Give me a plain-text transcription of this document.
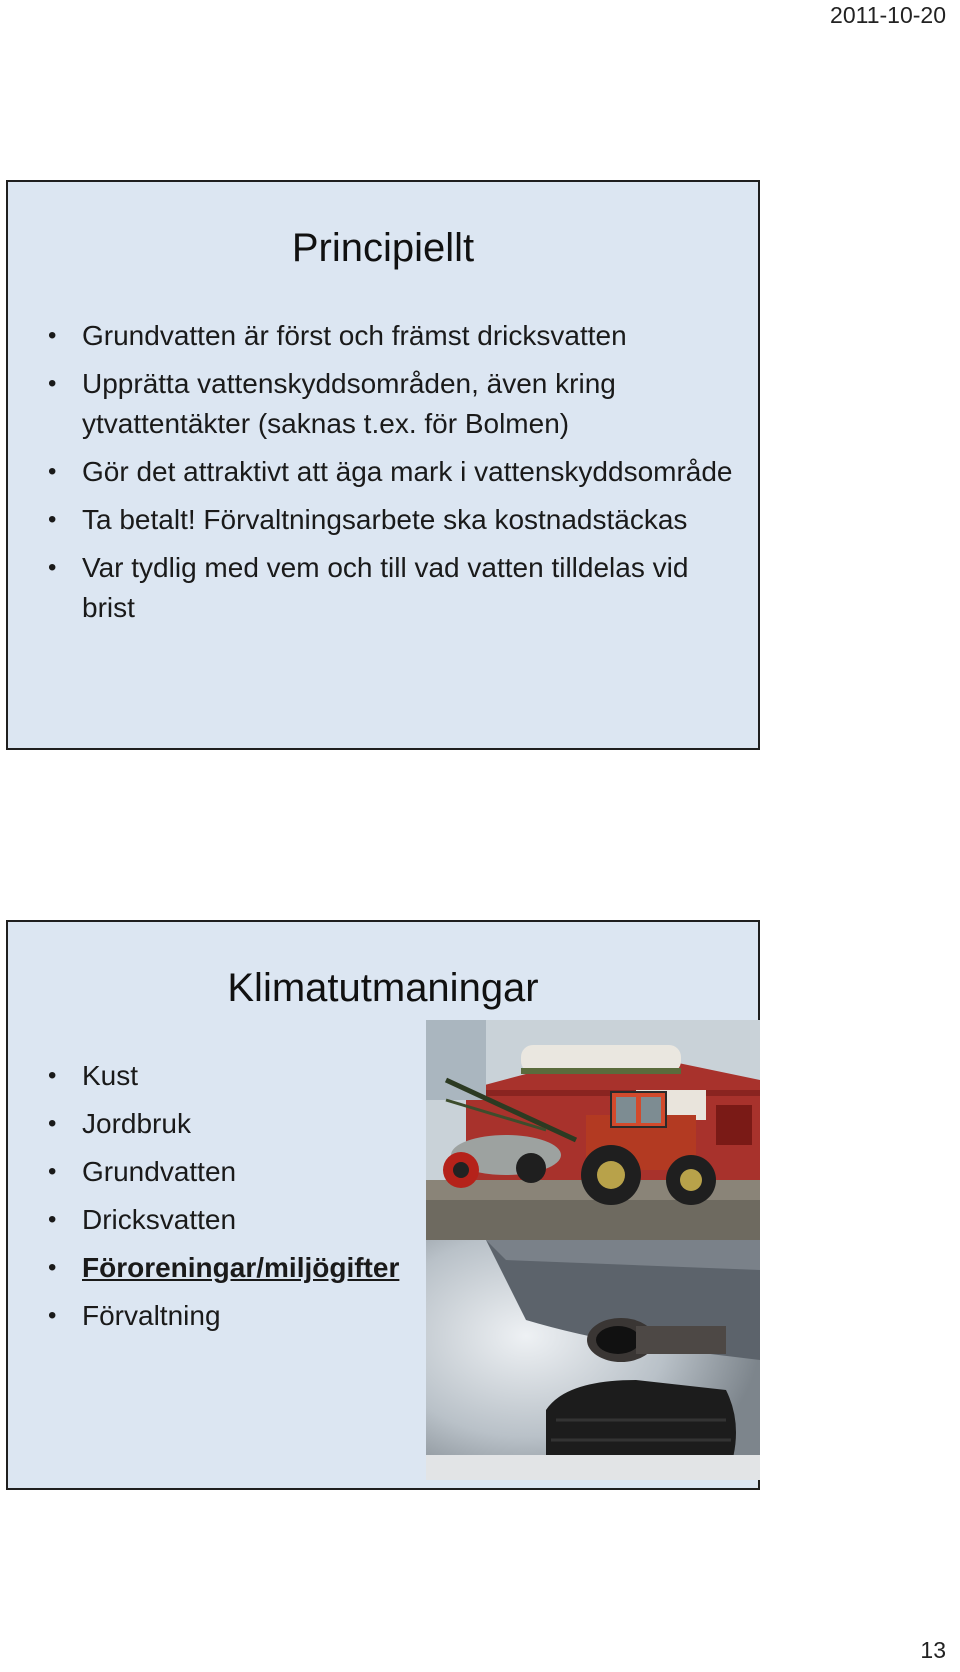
2011-10-20
Principiellt
• Grundvatten är först och främst dricksvatten
• Upprätta vattenskyddsområden, även kring ytvattentäkter (saknas t.ex. för Bolmen)
• Gör det attraktivt att äga mark i vattenskyddsområde
• Ta betalt! Förvaltningsarbete ska kostnadstäckas
• Var tydlig med vem och till vad vatten tilldelas vid brist
Klimatutmaningar
• Kust
• Jordbruk
• Grundvatten
• Dricksvatten
• Föroreningar/miljögifter
• Förvaltning
13
